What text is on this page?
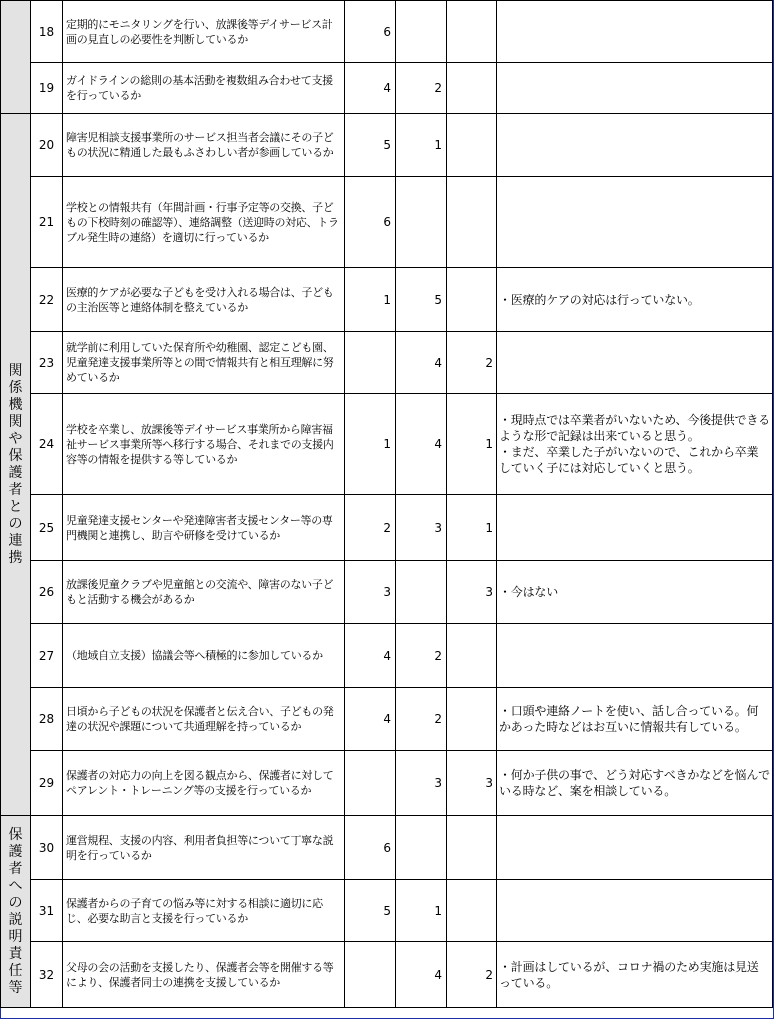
	18	定期的にモニタリングを行い、放課後等デイサービス計画の見直しの必要性を判断しているか	6			
	19	ガイドラインの総則の基本活動を複数組み合わせて支援を行っているか	4	2		
関係機関や保護者との連携	20	障害児相談支援事業所のサービス担当者会議にその子どもの状況に精通した最もふさわしい者が参画しているか	5	1		
	21	学校との情報共有（年間計画・行事予定等の交換、子どもの下校時刻の確認等）、連絡調整（送迎時の対応、トラブル発生時の連絡）を適切に行っているか	6			
	22	医療的ケアが必要な子どもを受け入れる場合は、子どもの主治医等と連絡体制を整えているか	1	5		・医療的ケアの対応は行っていない。
	23	就学前に利用していた保育所や幼稚園、認定こども園、児童発達支援事業所等との間で情報共有と相互理解に努めているか		4	2	
	24	学校を卒業し、放課後等デイサービス事業所から障害福祉サービス事業所等へ移行する場合、それまでの支援内容等の情報を提供する等しているか	1	4	1	・現時点では卒業者がいないため、今後提供できるような形で記録は出来ていると思う。
・まだ、卒業した子がいないので、これから卒業していく子には対応していくと思う。
	25	児童発達支援センターや発達障害者支援センター等の専門機関と連携し、助言や研修を受けているか	2	3	1	
	26	放課後児童クラブや児童館との交流や、障害のない子どもと活動する機会があるか	3		3	・今はない
	27	（地域自立支援）協議会等へ積極的に参加しているか	4	2		
	28	日頃から子どもの状況を保護者と伝え合い、子どもの発達の状況や課題について共通理解を持っているか	4	2		・口頭や連絡ノートを使い、話し合っている。何かあった時などはお互いに情報共有している。
	29	保護者の対応力の向上を図る観点から、保護者に対してペアレント・トレーニング等の支援を行っているか		3	3	・何か子供の事で、どう対応すべきかなどを悩んでいる時など、案を相談している。
保護者への説明責任等	30	運営規程、支援の内容、利用者負担等について丁寧な説明を行っているか	6			
	31	保護者からの子育ての悩み等に対する相談に適切に応じ、必要な助言と支援を行っているか	5	1		
	32	父母の会の活動を支援したり、保護者会等を開催する等により、保護者同士の連携を支援しているか		4	2	・計画はしているが、コロナ禍のため実施は見送っている。
